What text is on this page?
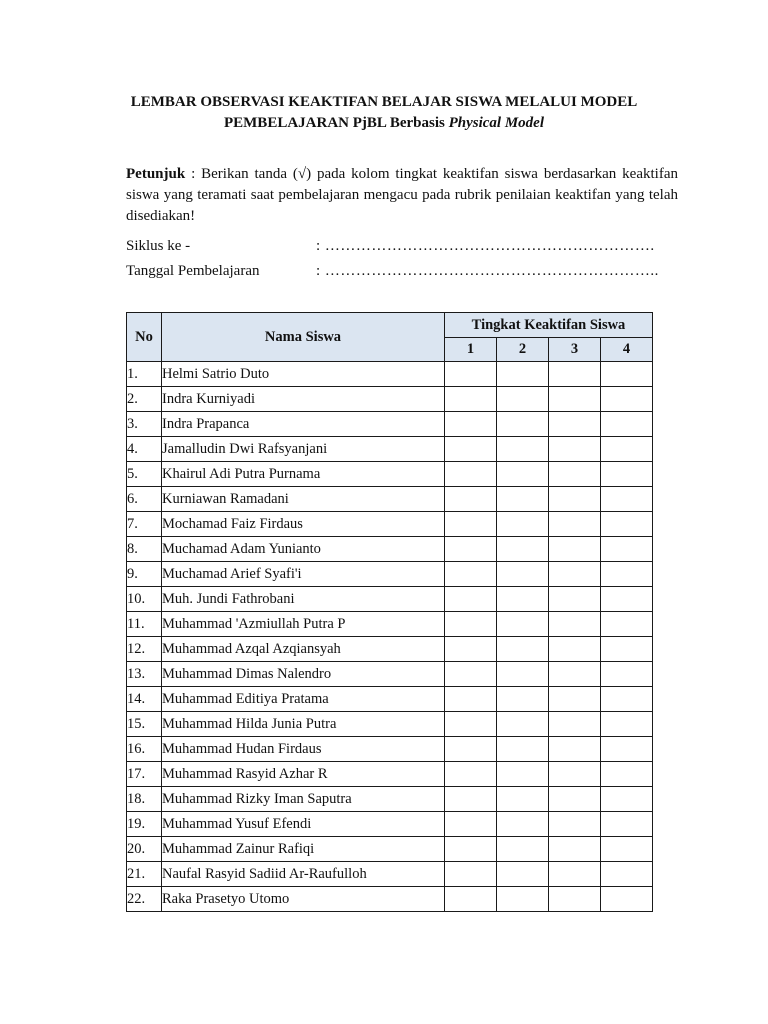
LEMBAR OBSERVASI KEAKTIFAN BELAJAR SISWA MELALUI MODEL
PEMBELAJARAN PjBL Berbasis Physical Model
Petunjuk : Berikan tanda (√) pada kolom tingkat keaktifan siswa berdasarkan keaktifan siswa yang teramati saat pembelajaran mengacu pada rubrik penilaian keaktifan yang telah disediakan!
Siklus ke -	: ……………………………………………………….
Tanggal Pembelajaran	: ………………………………………………………..
No	Nama Siswa	Tingkat Keaktifan Siswa			
		1	2	3	4
1.	Helmi Satrio Duto				
2.	Indra Kurniyadi				
3.	Indra Prapanca				
4.	Jamalludin Dwi Rafsyanjani				
5.	Khairul Adi Putra Purnama				
6.	Kurniawan Ramadani				
7.	Mochamad Faiz Firdaus				
8.	Muchamad Adam Yunianto				
9.	Muchamad Arief Syafi'i				
10.	Muh. Jundi Fathrobani				
11.	Muhammad 'Azmiullah Putra P				
12.	Muhammad Azqal Azqiansyah				
13.	Muhammad Dimas Nalendro				
14.	Muhammad Editiya Pratama				
15.	Muhammad Hilda Junia Putra				
16.	Muhammad Hudan Firdaus				
17.	Muhammad Rasyid Azhar R				
18.	Muhammad Rizky Iman Saputra				
19.	Muhammad Yusuf Efendi				
20.	Muhammad Zainur Rafiqi				
21.	Naufal Rasyid Sadiid Ar-Raufulloh				
22.	Raka Prasetyo Utomo				
